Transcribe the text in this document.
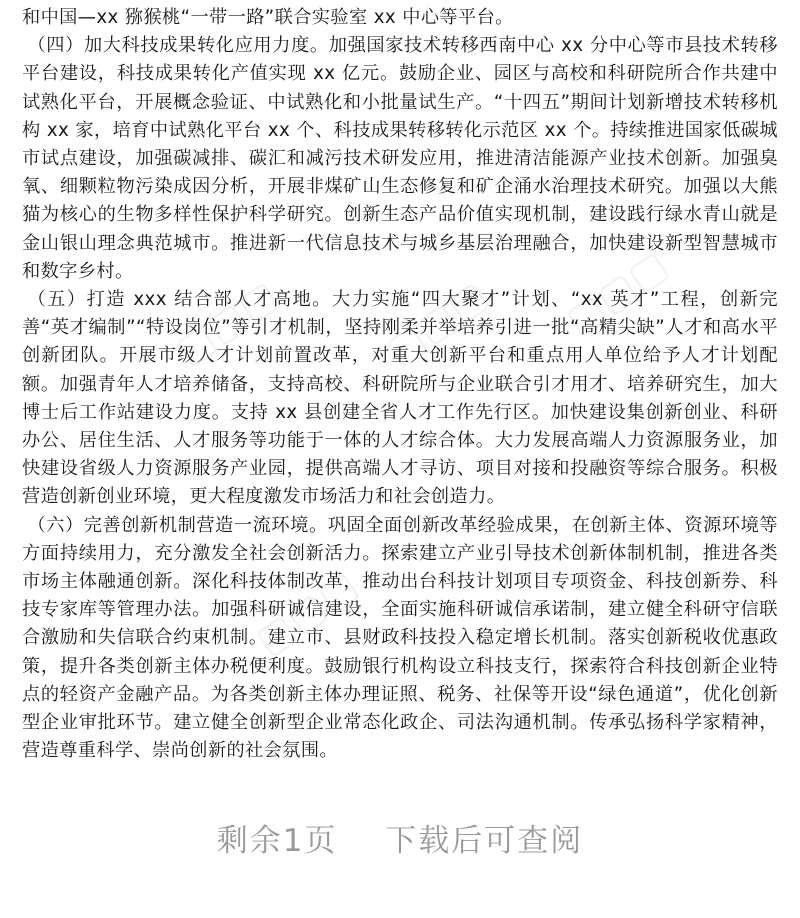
▢▢▢ ▢▢▢ ▢▢▢
▢▢▢

和中国—xx 猕猴桃“一带一路”联合实验室 xx 中心等平台。

（四）加大科技成果转化应用力度。加强国家技术转移西南中心 xx 分中心等市县技术转移平台建设，科技成果转化产值实现 xx 亿元。鼓励企业、园区与高校和科研院所合作共建中试熟化平台，开展概念验证、中试熟化和小批量试生产。“十四五”期间计划新增技术转移机构 xx 家，培育中试熟化平台 xx 个、科技成果转移转化示范区 xx 个。持续推进国家低碳城市试点建设，加强碳减排、碳汇和减污技术研发应用，推进清洁能源产业技术创新。加强臭氧、细颗粒物污染成因分析，开展非煤矿山生态修复和矿企涌水治理技术研究。加强以大熊猫为核心的生物多样性保护科学研究。创新生态产品价值实现机制，建设践行绿水青山就是金山银山理念典范城市。推进新一代信息技术与城乡基层治理融合，加快建设新型智慧城市和数字乡村。

（五）打造 xxx 结合部人才高地。大力实施“四大聚才”计划、“xx 英才”工程，创新完善“英才编制”“特设岗位”等引才机制，坚持刚柔并举培养引进一批“高精尖缺”人才和高水平创新团队。开展市级人才计划前置改革，对重大创新平台和重点用人单位给予人才计划配额。加强青年人才培养储备，支持高校、科研院所与企业联合引才用才、培养研究生，加大博士后工作站建设力度。支持 xx 县创建全省人才工作先行区。加快建设集创新创业、科研办公、居住生活、人才服务等功能于一体的人才综合体。大力发展高端人力资源服务业，加快建设省级人力资源服务产业园，提供高端人才寻访、项目对接和投融资等综合服务。积极营造创新创业环境，更大程度激发市场活力和社会创造力。

（六）完善创新机制营造一流环境。巩固全面创新改革经验成果，在创新主体、资源环境等方面持续用力，充分激发全社会创新活力。探索建立产业引导技术创新体制机制，推进各类市场主体融通创新。深化科技体制改革，推动出台科技计划项目专项资金、科技创新券、科技专家库等管理办法。加强科研诚信建设，全面实施科研诚信承诺制，建立健全科研守信联合激励和失信联合约束机制。建立市、县财政科技投入稳定增长机制。落实创新税收优惠政策，提升各类创新主体办税便利度。鼓励银行机构设立科技支行，探索符合科技创新企业特点的轻资产金融产品。为各类创新主体办理证照、税务、社保等开设“绿色通道”，优化创新型企业审批环节。建立健全创新型企业常态化政企、司法沟通机制。传承弘扬科学家精神，营造尊重科学、崇尚创新的社会氛围。

剩余1页 下载后可查阅
